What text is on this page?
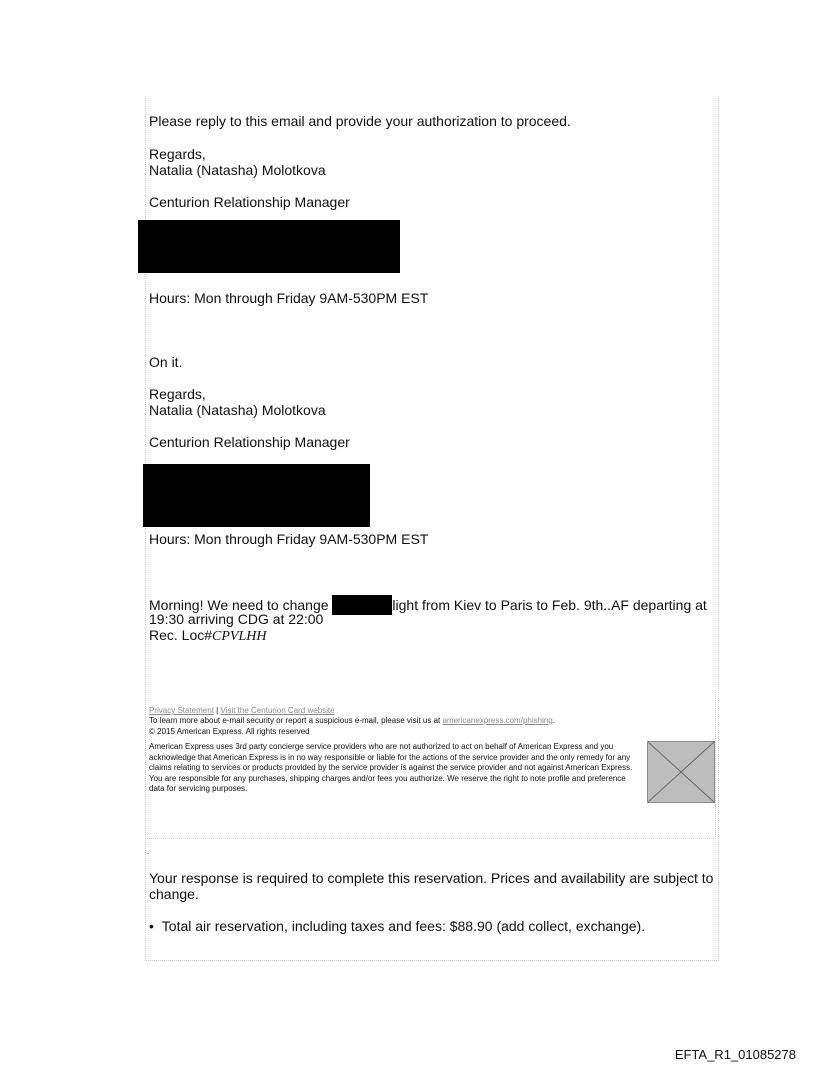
Please reply to this email and provide your authorization to proceed.
Regards,
Natalia (Natasha) Molotkova
Centurion Relationship Manager
Hours: Mon through Friday 9AM-530PM EST
On it.
Regards,
Natalia (Natasha) Molotkova
Centurion Relationship Manager
Hours: Mon through Friday 9AM-530PM EST
Morning! We need to change	light from Kiev to Paris to Feb. 9th..AF departing at
19:30 arriving CDG at 22:00
Rec. Loc#CPVLHH
Privacy Statement | Visit the Centurion Card website
To learn more about e-mail security or report a suspicious e-mail, please visit us at americanexpress.com/phishing.
© 2015 American Express. All rights reserved
American Express uses 3rd party concierge service providers who are not authorized to act on behalf of American Express and you acknowledge that American Express is in no way responsible or liable for the actions of the service provider and the only remedy for any claims relating to services or products provided by the service provider is against the service provider and not against American Express. You are responsible for any purchases, shipping charges and/or fees you authorize. We reserve the right to note profile and preference data for servicing purposes.
.
Your response is required to complete this reservation. Prices and availability are subject to
change.
• Total air reservation, including taxes and fees: $88.90 (add collect, exchange).
EFTA_R1_01085278
